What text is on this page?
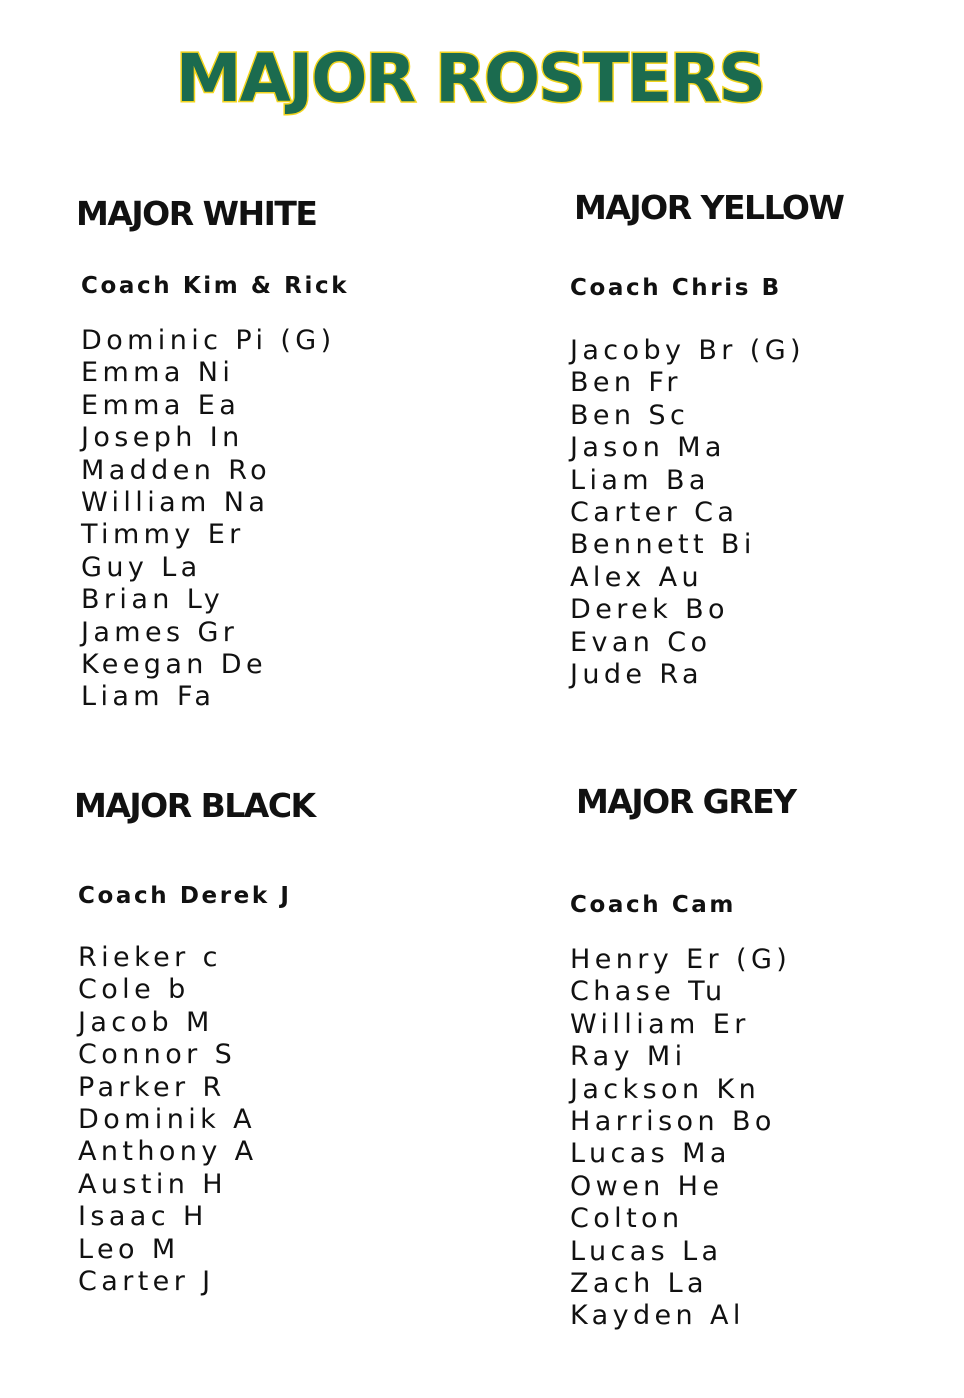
MAJOR ROSTERS
MAJOR WHITE
Coach Kim & Rick
Dominic Pi (G)
Emma Ni
Emma Ea
Joseph In
Madden Ro
William Na
Timmy Er
Guy La
Brian Ly
James Gr
Keegan De
Liam Fa
MAJOR YELLOW
Coach Chris B
Jacoby Br (G)
Ben Fr
Ben Sc
Jason Ma
Liam Ba
Carter Ca
Bennett Bi
Alex Au
Derek Bo
Evan Co
Jude Ra
MAJOR BLACK
Coach Derek J
Rieker c
Cole b
Jacob M
Connor S
Parker R
Dominik A
Anthony A
Austin H
Isaac H
Leo M
Carter J
MAJOR GREY
Coach Cam
Henry Er (G)
Chase Tu
William Er
Ray Mi
Jackson Kn
Harrison Bo
Lucas Ma
Owen He
Colton
Lucas La
Zach La
Kayden Al
